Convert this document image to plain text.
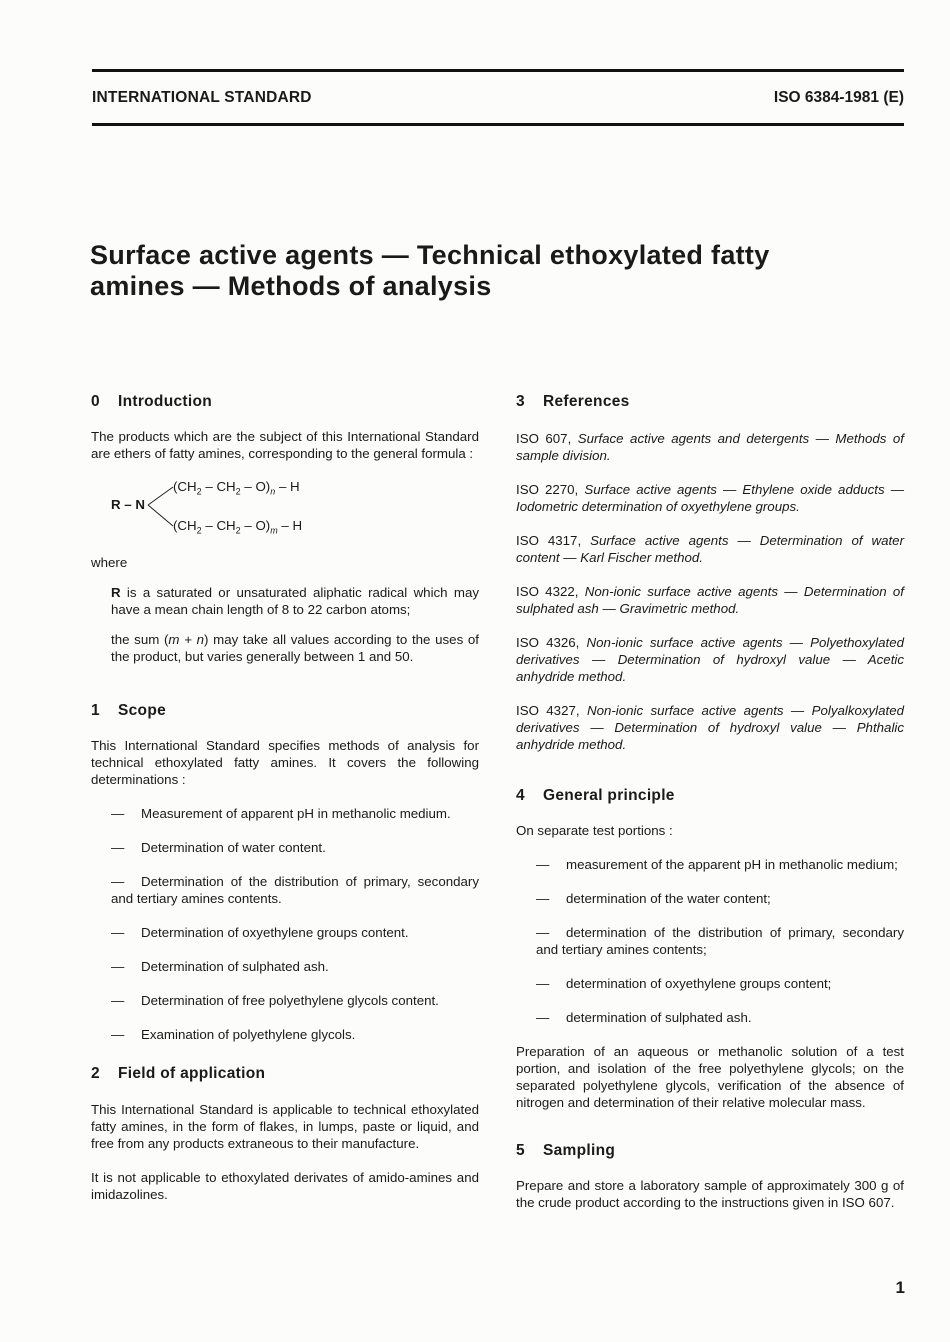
INTERNATIONAL STANDARD	ISO 6384-1981 (E)
Surface active agents — Technical ethoxylated fatty
amines — Methods of analysis
0 Introduction

The products which are the subject of this International Standard are ethers of fatty amines, corresponding to the general formula :

R – N
$(CH_2 - CH_2 - O)_n$ – H
$(CH_2 - CH_2 - O)_m$ – H

where

R is a saturated or unsaturated aliphatic radical which may have a mean chain length of 8 to 22 carbon atoms;

the sum (m + n) may take all values according to the uses of the product, but varies generally between 1 and 50.

1 Scope

This International Standard specifies methods of analysis for technical ethoxylated fatty amines. It covers the following determinations :

— Measurement of apparent pH in methanolic medium.

— Determination of water content.

— Determination of the distribution of primary, secondary and tertiary amines contents.

— Determination of oxyethylene groups content.

— Determination of sulphated ash.

— Determination of free polyethylene glycols content.

— Examination of polyethylene glycols.

2 Field of application

This International Standard is applicable to technical ethoxylated fatty amines, in the form of flakes, in lumps, paste or liquid, and free from any products extraneous to their manufacture.

It is not applicable to ethoxylated derivates of amido-amines and imidazolines.

3 References

ISO 607, Surface active agents and detergents — Methods of sample division.

ISO 2270, Surface active agents — Ethylene oxide adducts — Iodometric determination of oxyethylene groups.

ISO 4317, Surface active agents — Determination of water content — Karl Fischer method.

ISO 4322, Non-ionic surface active agents — Determination of sulphated ash — Gravimetric method.

ISO 4326, Non-ionic surface active agents — Polyethoxylated derivatives — Determination of hydroxyl value — Acetic anhydride method.

ISO 4327, Non-ionic surface active agents — Polyalkoxylated derivatives — Determination of hydroxyl value — Phthalic anhydride method.

4 General principle

On separate test portions :

— measurement of the apparent pH in methanolic medium;

— determination of the water content;

— determination of the distribution of primary, secondary and tertiary amines contents;

— determination of oxyethylene groups content;

— determination of sulphated ash.

Preparation of an aqueous or methanolic solution of a test portion, and isolation of the free polyethylene glycols; on the separated polyethylene glycols, verification of the absence of nitrogen and determination of their relative molecular mass.

5 Sampling

Prepare and store a laboratory sample of approximately 300 g of the crude product according to the instructions given in ISO 607.

1
